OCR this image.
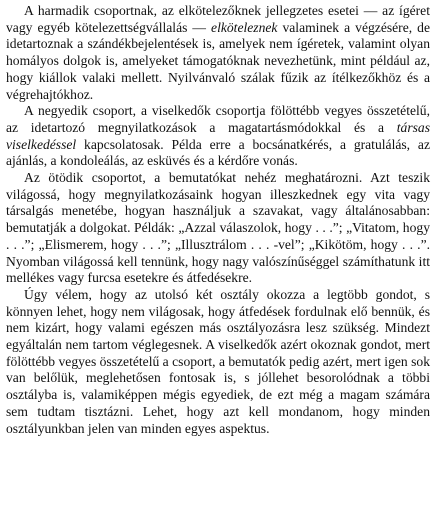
A harmadik csoportnak, az elkötelezőknek jellegzetes esetei — az ígéret vagy egyéb kötelezettségvállalás — elköteleznek valaminek a végzésére, de idetartoznak a szándékbejelentések is, amelyek nem ígéretek, valamint olyan homályos dolgok is, amelyeket támogatóknak nevezhetünk, mint például az, hogy kiállok valaki mellett. Nyilvánvaló szálak fűzik az ítélkezőkhöz és a végrehajtókhoz.

A negyedik csoport, a viselkedők csoportja fölöttébb vegyes összetételű, az idetartozó megnyilatkozások a magatartásmódokkal és a társas viselkedéssel kapcsolatosak. Példa erre a bocsánatkérés, a gratulálás, az ajánlás, a kondoleálás, az esküvés és a kérdőre vonás.

Az ötödik csoportot, a bemutatókat nehéz meghatározni. Azt teszik világossá, hogy megnyilatkozásaink hogyan illeszkednek egy vita vagy társalgás menetébe, hogyan használjuk a szavakat, vagy általánosabban: bemutatják a dolgokat. Példák: „Azzal válaszolok, hogy . . .”; „Vitatom, hogy . . .”; „Elismerem, hogy . . .”; „Illusztrálom . . . -vel”; „Kikötöm, hogy . . .”. Nyomban világossá kell tennünk, hogy nagy valószínűséggel számíthatunk itt mellékes vagy furcsa esetekre és átfedésekre.

Úgy vélem, hogy az utolsó két osztály okozza a legtöbb gondot, s könnyen lehet, hogy nem világosak, hogy átfedések fordulnak elő bennük, és nem kizárt, hogy valami egészen más osztályozásra lesz szükség. Mindezt egyáltalán nem tartom véglegesnek. A viselkedők azért okoznak gondot, mert fölöttébb vegyes összetételű a csoport, a bemutatók pedig azért, mert igen sok van belőlük, meglehetősen fontosak is, s jóllehet besorolódnak a többi osztályba is, valamiképpen mégis egyediek, de ezt még a magam számára sem tudtam tisztázni. Lehet, hogy azt kell mondanom, hogy minden osztályunkban jelen van minden egyes aspektus.
